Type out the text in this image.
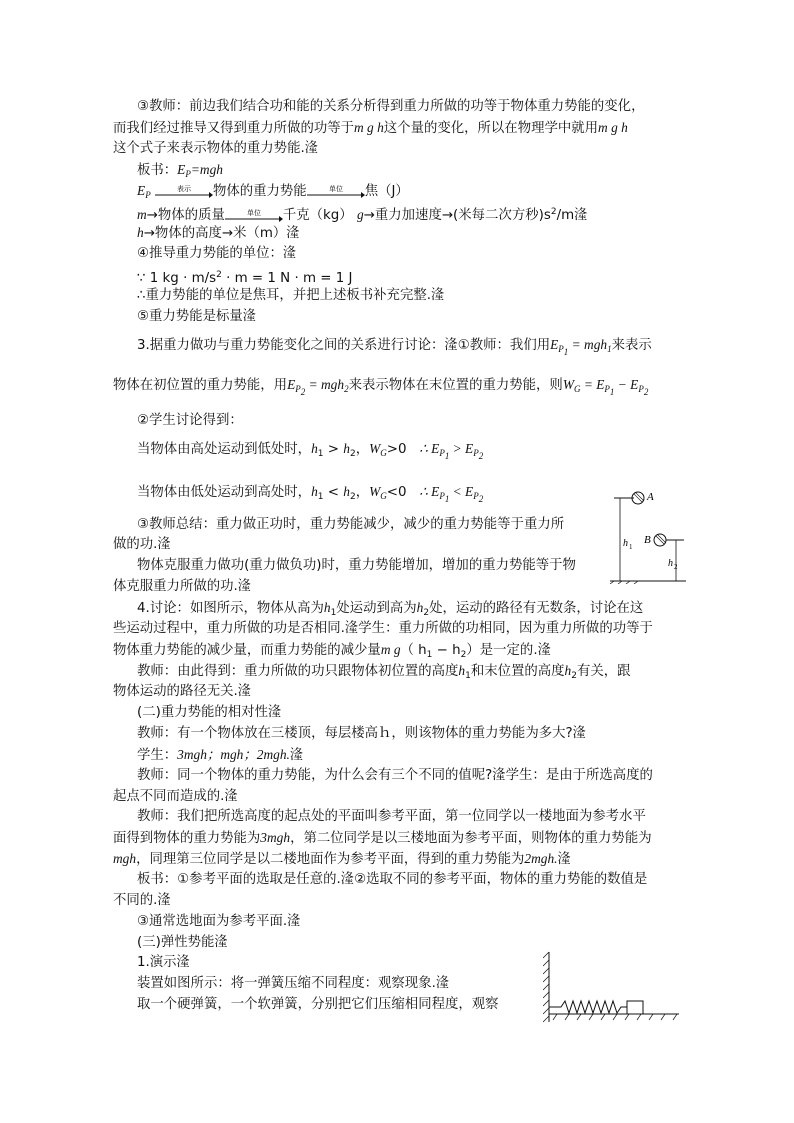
③教师：前边我们结合功和能的关系分析得到重力所做的功等于物体重力势能的变化，
而我们经过推导又得到重力所做的功等于m g h这个量的变化，所以在物理学中就用m g h
这个式子来表示物体的重力势能.湰
板书：$E_P=mgh$
$E_P$
表示 物体的重力势能	单位 焦（J）
m→物体的质量	单位 千克（kg） g→重力加速度→(米每二次方秒)$s^2/m$湰
h→物体的高度→米（m）湰
④推导重力势能的单位：湰
∵ 1 kg · $m/s^2 \cdot m = 1$ N · m = 1 J
∴重力势能的单位是焦耳，并把上述板书补充完整.湰
⑤重力势能是标量湰
3.据重力做功与重力势能变化之间的关系进行讨论：湰①教师：我们用$E_{P1} = mgh_1$来表示
物体在初位置的重力势能，用$E_{P2} = mgh_2$来表示物体在末位置的重力势能，则$W_G = E_{P1} - E_{P2}$
②学生讨论得到：
当物体由高处运动到低处时，$h_1 > h_2$，$W_G>0$ ∴ $E_{P1} > E_{P2}$
当物体由低处运动到高处时，$h_1 < h_2$，$W_G<0$ ∴ $E_{P1} < E_{P2}$
③教师总结：重力做正功时，重力势能减少，减少的重力势能等于重力所
做的功.湰
物体克服重力做功(重力做负功)时，重力势能增加，增加的重力势能等于物
体克服重力所做的功.湰
A
h 1
B
h 2
4.讨论：如图所示，物体从高为$h_1$处运动到高为$h_2$处，运动的路径有无数条，讨论在这
些运动过程中，重力所做的功是否相同.湰学生：重力所做的功相同，因为重力所做的功等于
物体重力势能的减少量，而重力势能的减少量m g（ $h_1 - h_2$）是一定的.湰
教师：由此得到：重力所做的功只跟物体初位置的高度$h_1$和末位置的高度$h_2$有关，跟
物体运动的路径无关.湰
(二)重力势能的相对性湰
教师：有一个物体放在三楼顶，每层楼高ｈ，则该物体的重力势能为多大?湰
学生：3mgh；mgh；2mgh.湰
教师：同一个物体的重力势能，为什么会有三个不同的值呢?湰学生：是由于所选高度的
起点不同而造成的.湰
教师：我们把所选高度的起点处的平面叫参考平面，第一位同学以一楼地面为参考水平
面得到物体的重力势能为3mgh，第二位同学是以三楼地面为参考平面，则物体的重力势能为
mgh，同理第三位同学是以二楼地面作为参考平面，得到的重力势能为2mgh.湰
板书：①参考平面的选取是任意的.湰②选取不同的参考平面，物体的重力势能的数值是
不同的.湰
③通常选地面为参考平面.湰
(三)弹性势能湰
1.演示湰
装置如图所示：将一弹簧压缩不同程度：观察现象.湰
取一个硬弹簧，一个软弹簧，分别把它们压缩相同程度，观察
